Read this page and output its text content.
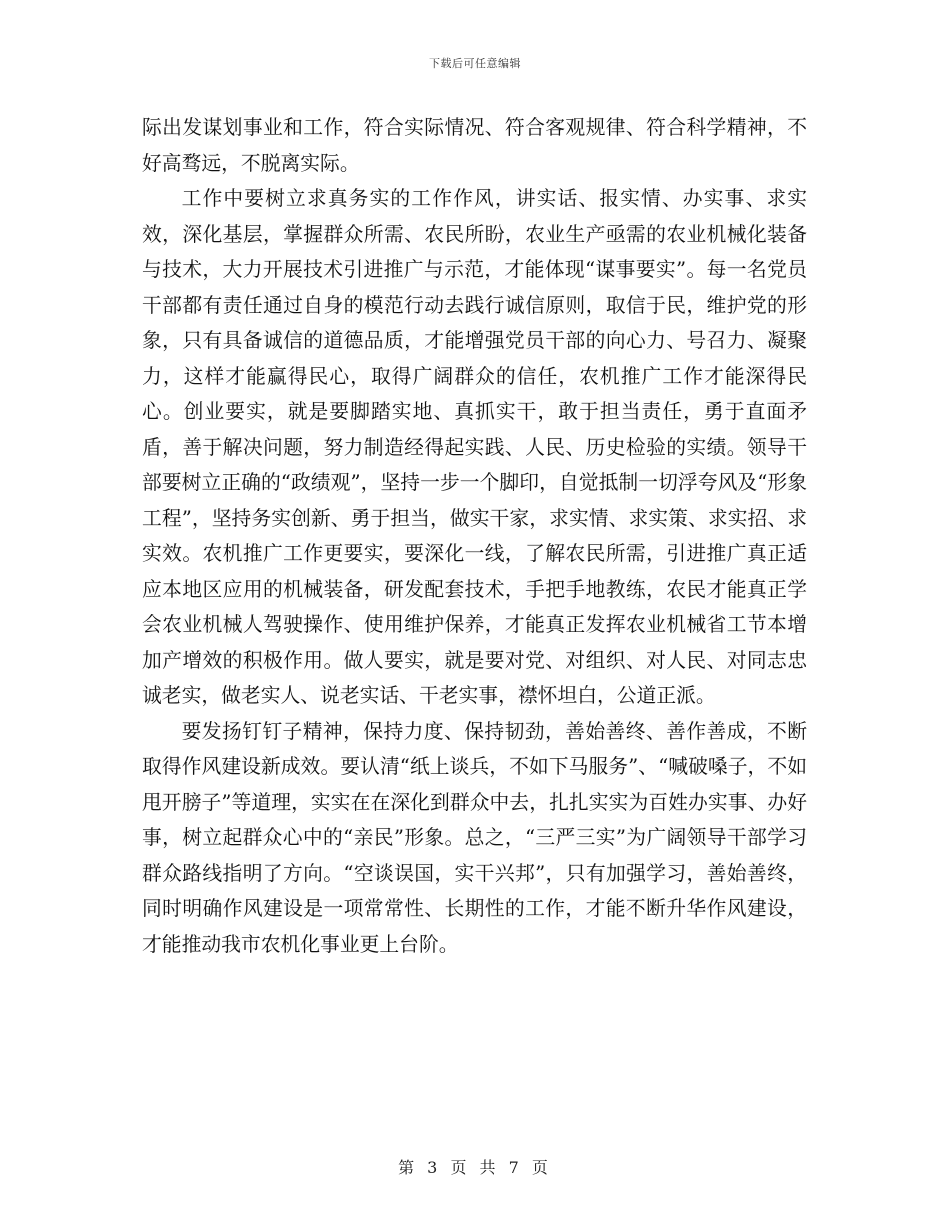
下载后可任意编辑

际出发谋划事业和工作，符合实际情况、符合客观规律、符合科学精神，不好高骛远，不脱离实际。

工作中要树立求真务实的工作作风，讲实话、报实情、办实事、求实效，深化基层，掌握群众所需、农民所盼，农业生产亟需的农业机械化装备与技术，大力开展技术引进推广与示范，才能体现“谋事要实”。每一名党员干部都有责任通过自身的模范行动去践行诚信原则，取信于民，维护党的形象，只有具备诚信的道德品质，才能增强党员干部的向心力、号召力、凝聚力，这样才能赢得民心，取得广阔群众的信任，农机推广工作才能深得民心。创业要实，就是要脚踏实地、真抓实干，敢于担当责任，勇于直面矛盾，善于解决问题，努力制造经得起实践、人民、历史检验的实绩。领导干部要树立正确的“政绩观”，坚持一步一个脚印，自觉抵制一切浮夸风及“形象工程”，坚持务实创新、勇于担当，做实干家，求实情、求实策、求实招、求实效。农机推广工作更要实，要深化一线，了解农民所需，引进推广真正适应本地区应用的机械装备，研发配套技术，手把手地教练，农民才能真正学会农业机械人驾驶操作、使用维护保养，才能真正发挥农业机械省工节本增加产增效的积极作用。做人要实，就是要对党、对组织、对人民、对同志忠诚老实，做老实人、说老实话、干老实事，襟怀坦白，公道正派。

要发扬钉钉子精神，保持力度、保持韧劲，善始善终、善作善成，不断取得作风建设新成效。要认清“纸上谈兵，不如下马服务”、“喊破嗓子，不如甩开膀子”等道理，实实在在深化到群众中去，扎扎实实为百姓办实事、办好事，树立起群众心中的“亲民”形象。总之，“三严三实”为广阔领导干部学习群众路线指明了方向。“空谈误国，实干兴邦”，只有加强学习，善始善终，同时明确作风建设是一项常常性、长期性的工作，才能不断升华作风建设，才能推动我市农机化事业更上台阶。

第 3 页 共 7 页
